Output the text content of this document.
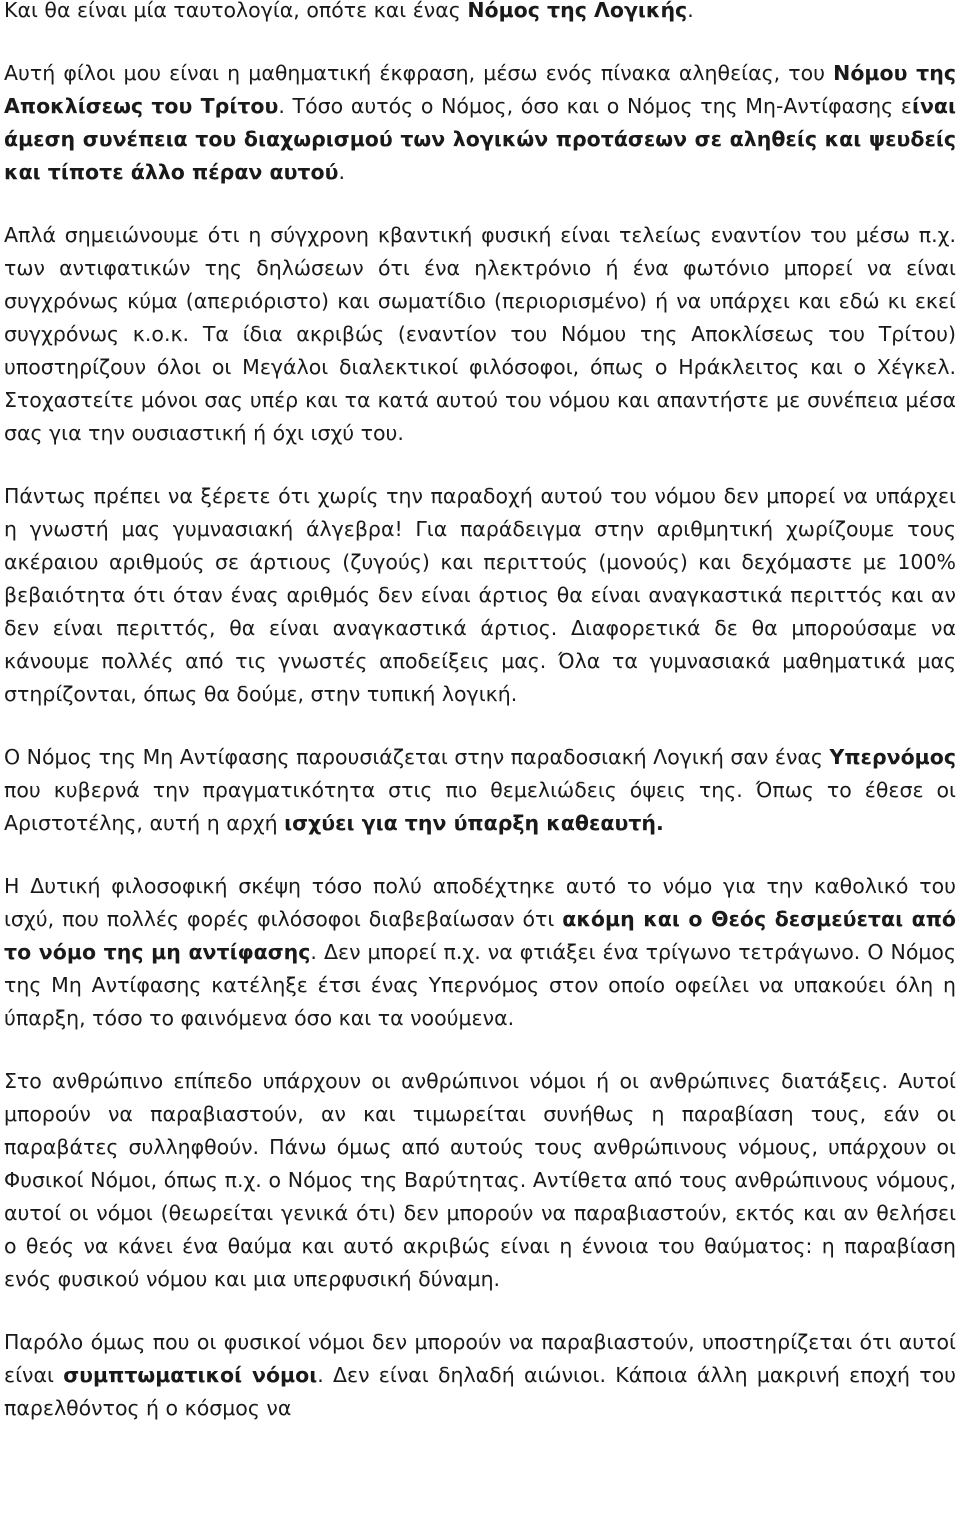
Και θα είναι μία ταυτολογία, οπότε και ένας Νόμος της Λογικής.

Αυτή φίλοι μου είναι η μαθηματική έκφραση, μέσω ενός πίνακα αληθείας, του Νόμου της Αποκλίσεως του Τρίτου. Τόσο αυτός ο Νόμος, όσο και ο Νόμος της Μη-Αντίφασης είναι άμεση συνέπεια του διαχωρισμού των λογικών προτάσεων σε αληθείς και ψευδείς και τίποτε άλλο πέραν αυτού.

Απλά σημειώνουμε ότι η σύγχρονη κβαντική φυσική είναι τελείως εναντίον του μέσω π.χ. των αντιφατικών της δηλώσεων ότι ένα ηλεκτρόνιο ή ένα φωτόνιο μπορεί να είναι συγχρόνως κύμα (απεριόριστο) και σωματίδιο (περιορισμένο) ή να υπάρχει και εδώ κι εκεί συγχρόνως κ.ο.κ. Τα ίδια ακριβώς (εναντίον του Νόμου της Αποκλίσεως του Τρίτου) υποστηρίζουν όλοι οι Μεγάλοι διαλεκτικοί φιλόσοφοι, όπως ο Ηράκλειτος και ο Χέγκελ. Στοχαστείτε μόνοι σας υπέρ και τα κατά αυτού του νόμου και απαντήστε με συνέπεια μέσα σας για την ουσιαστική ή όχι ισχύ του.

Πάντως πρέπει να ξέρετε ότι χωρίς την παραδοχή αυτού του νόμου δεν μπορεί να υπάρχει η γνωστή μας γυμνασιακή άλγεβρα! Για παράδειγμα στην αριθμητική χωρίζουμε τους ακέραιου αριθμούς σε άρτιους (ζυγούς) και περιττούς (μονούς) και δεχόμαστε με 100% βεβαιότητα ότι όταν ένας αριθμός δεν είναι άρτιος θα είναι αναγκαστικά περιττός και αν δεν είναι περιττός, θα είναι αναγκαστικά άρτιος. Διαφορετικά δε θα μπορούσαμε να κάνουμε πολλές από τις γνωστές αποδείξεις μας. Όλα τα γυμνασιακά μαθηματικά μας στηρίζονται, όπως θα δούμε, στην τυπική λογική.

Ο Νόμος της Μη Αντίφασης παρουσιάζεται στην παραδοσιακή Λογική σαν ένας Υπερνόμος που κυβερνά την πραγματικότητα στις πιο θεμελιώδεις όψεις της. Όπως το έθεσε οι Αριστοτέλης, αυτή η αρχή ισχύει για την ύπαρξη καθεαυτή.

Η Δυτική φιλοσοφική σκέψη τόσο πολύ αποδέχτηκε αυτό το νόμο για την καθολικό του ισχύ, που πολλές φορές φιλόσοφοι διαβεβαίωσαν ότι ακόμη και ο Θεός δεσμεύεται από το νόμο της μη αντίφασης. Δεν μπορεί π.χ. να φτιάξει ένα τρίγωνο τετράγωνο. Ο Νόμος της Μη Αντίφασης κατέληξε έτσι ένας Υπερνόμος στον οποίο οφείλει να υπακούει όλη η ύπαρξη, τόσο το φαινόμενα όσο και τα νοούμενα.

Στο ανθρώπινο επίπεδο υπάρχουν οι ανθρώπινοι νόμοι ή οι ανθρώπινες διατάξεις. Αυτοί μπορούν να παραβιαστούν, αν και τιμωρείται συνήθως η παραβίαση τους, εάν οι παραβάτες συλληφθούν. Πάνω όμως από αυτούς τους ανθρώπινους νόμους, υπάρχουν οι Φυσικοί Νόμοι, όπως π.χ. ο Νόμος της Βαρύτητας. Αντίθετα από τους ανθρώπινους νόμους, αυτοί οι νόμοι (θεωρείται γενικά ότι) δεν μπορούν να παραβιαστούν, εκτός και αν θελήσει ο θεός να κάνει ένα θαύμα και αυτό ακριβώς είναι η έννοια του θαύματος: η παραβίαση ενός φυσικού νόμου και μια υπερφυσική δύναμη.

Παρόλο όμως που οι φυσικοί νόμοι δεν μπορούν να παραβιαστούν, υποστηρίζεται ότι αυτοί είναι συμπτωματικοί νόμοι. Δεν είναι δηλαδή αιώνιοι. Κάποια άλλη μακρινή εποχή του παρελθόντος ή ο κόσμος να
